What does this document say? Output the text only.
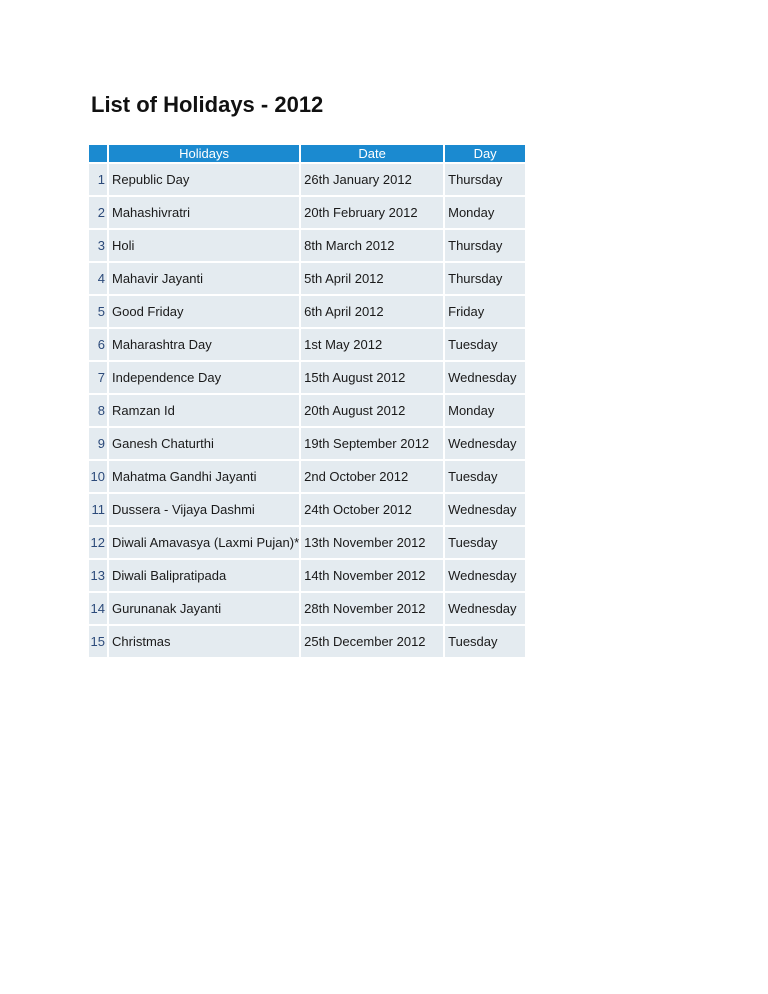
List of Holidays - 2012
	Holidays	Date	Day
1	Republic Day	26th January 2012	Thursday
2	Mahashivratri	20th February 2012	Monday
3	Holi	8th March 2012	Thursday
4	Mahavir Jayanti	5th April 2012	Thursday
5	Good Friday	6th April 2012	Friday
6	Maharashtra Day	1st May 2012	Tuesday
7	Independence Day	15th August 2012	Wednesday
8	Ramzan Id	20th August 2012	Monday
9	Ganesh Chaturthi	19th September 2012	Wednesday
10	Mahatma Gandhi Jayanti	2nd October 2012	Tuesday
11	Dussera - Vijaya Dashmi	24th October 2012	Wednesday
12	Diwali Amavasya (Laxmi Pujan)*	13th November 2012	Tuesday
13	Diwali Balipratipada	14th November 2012	Wednesday
14	Gurunanak Jayanti	28th November 2012	Wednesday
15	Christmas	25th December 2012	Tuesday
